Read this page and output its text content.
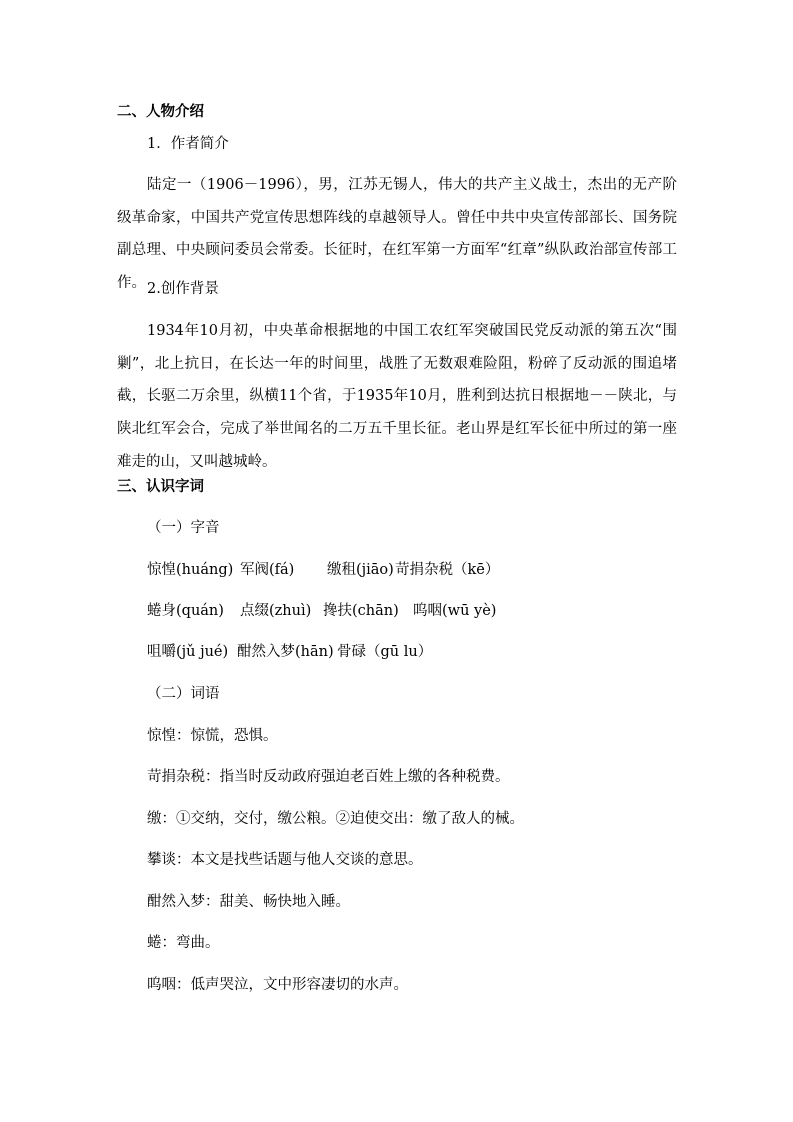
二、人物介绍
1．作者简介
陆定一（1906－1996），男，江苏无锡人，伟大的共产主义战士，杰出的无产阶级革命家，中国共产党宣传思想阵线的卓越领导人。曾任中共中央宣传部部长、国务院副总理、中央顾问委员会常委。长征时，在红军第一方面军“红章”纵队政治部宣传部工作。 2.创作背景
1934年10月初，中央革命根据地的中国工农红军突破国民党反动派的第五次“围剿”，北上抗日，在长达一年的时间里，战胜了无数艰难险阻，粉碎了反动派的围追堵截，长驱二万余里，纵横11个省，于1935年10月，胜利到达抗日根据地－－陕北，与陕北红军会合，完成了举世闻名的二万五千里长征。老山界是红军长征中所过的第一座难走的山，又叫越城岭。
三、认识字词
（一）字音
惊惶(huáng) 军阀(fá) 缴租(jiāo) 苛捐杂税（kē）
蜷身(quán) 点缀(zhuì) 搀扶(chān) 呜咽(wū yè)
咀嚼(jǔ jué) 酣然入梦(hān) 骨碌（gū lu）
（二）词语
惊惶：惊慌，恐惧。
苛捐杂税：指当时反动政府强迫老百姓上缴的各种税费。
缴：①交纳，交付，缴公粮。②迫使交出：缴了敌人的械。
攀谈：本文是找些话题与他人交谈的意思。
酣然入梦：甜美、畅快地入睡。
蜷：弯曲。
呜咽：低声哭泣，文中形容凄切的水声。
